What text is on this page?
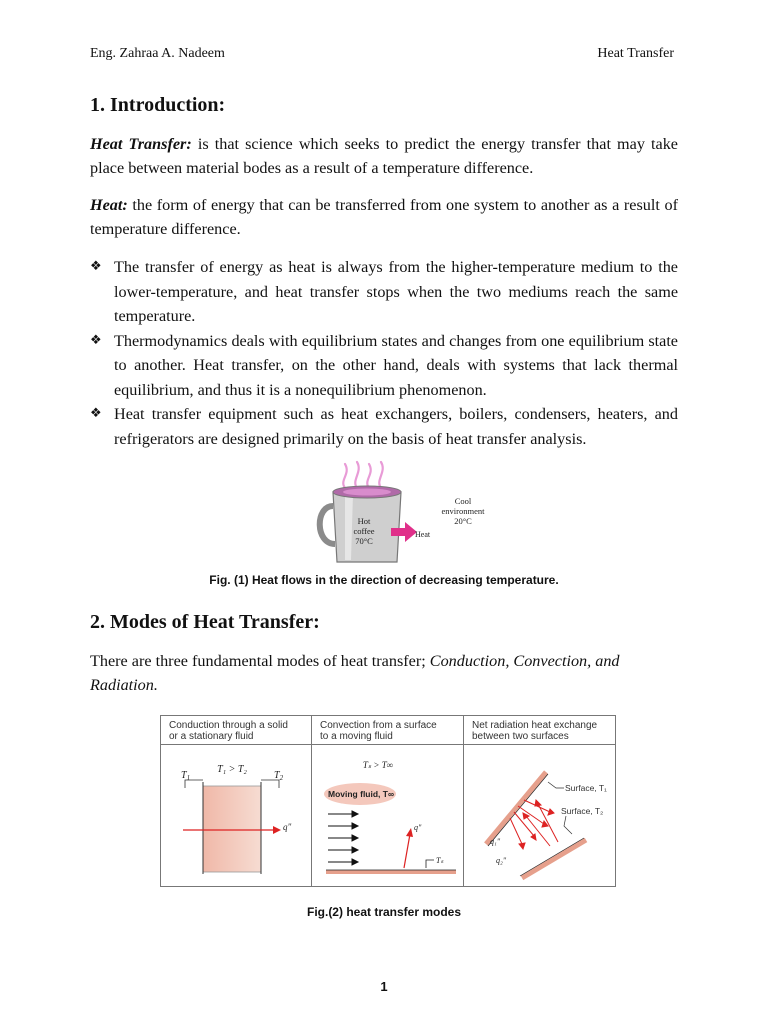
Eng. Zahraa A. Nadeem	Heat Transfer
1. Introduction:
Heat Transfer: is that science which seeks to predict the energy transfer that may take place between material bodes as a result of a temperature difference.
Heat: the form of energy that can be transferred from one system to another as a result of temperature difference.
❖ The transfer of energy as heat is always from the higher-temperature medium to the lower-temperature, and heat transfer stops when the two mediums reach the same temperature.
❖ Thermodynamics deals with equilibrium states and changes from one equilibrium state to another. Heat transfer, on the other hand, deals with systems that lack thermal equilibrium, and thus it is a nonequilibrium phenomenon.
❖ Heat transfer equipment such as heat exchangers, boilers, condensers, heaters, and refrigerators are designed primarily on the basis of heat transfer analysis.
Hot
coffee
70°C
Heat
Cool
environment
20°C
Fig. (1) Heat flows in the direction of decreasing temperature.
2. Modes of Heat Transfer:
There are three fundamental modes of heat transfer; Conduction, Convection, and Radiation.
Conduction through a solid
or a stationary fluid
$T_1$	$T_2$
T₁ > T₂
q"
Convection from a surface
to a moving fluid
Tₛ > T∞
Moving fluid, T∞
q"
Tₛ
Net radiation heat exchange
between two surfaces
Surface, T₁
Surface, T₂
q₁"
q₂"
Fig.(2) heat transfer modes
1
